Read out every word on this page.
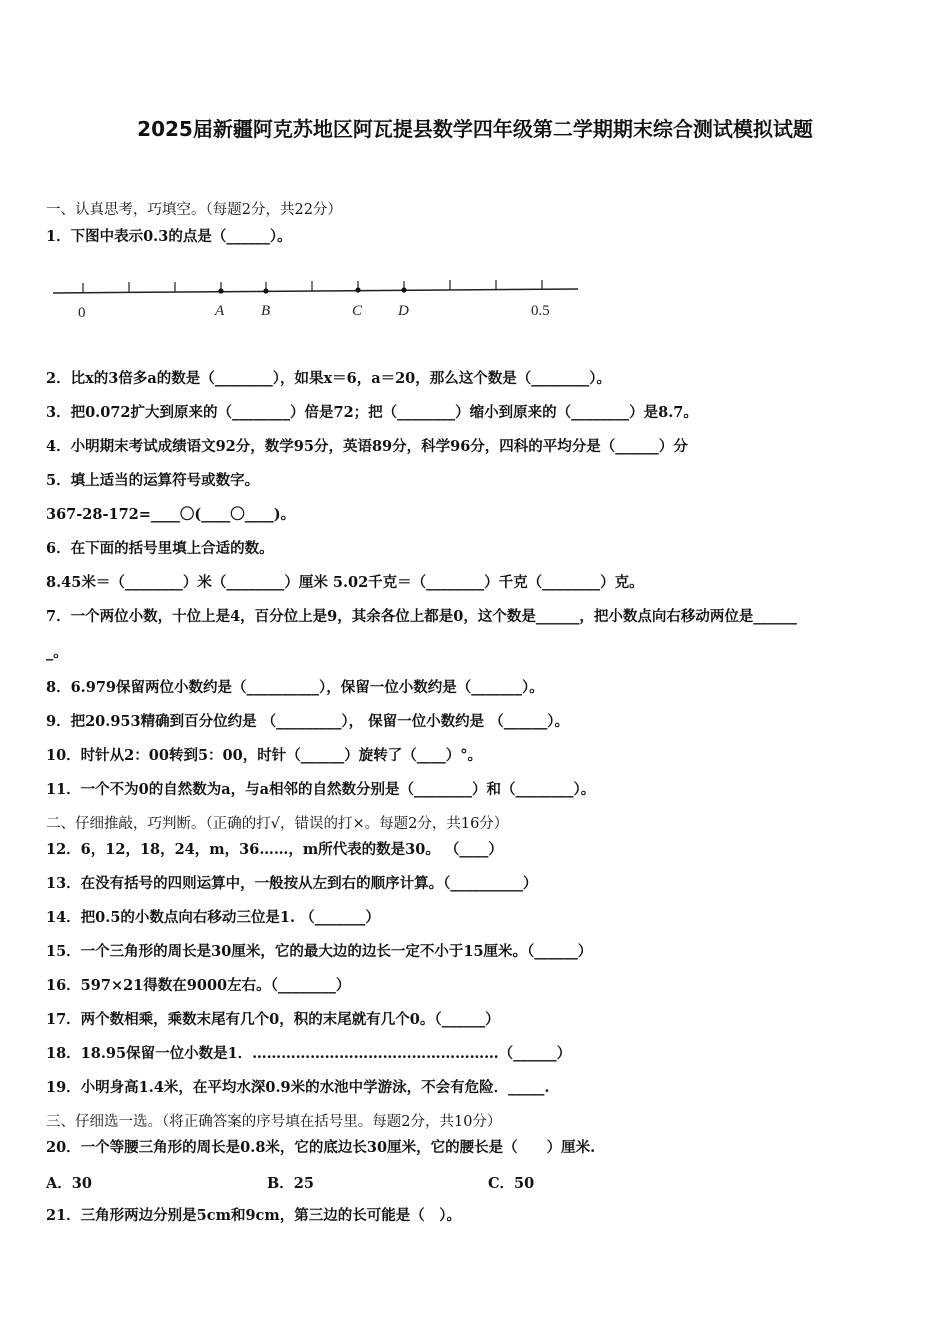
2025届新疆阿克苏地区阿瓦提县数学四年级第二学期期末综合测试模拟试题
一、认真思考，巧填空。（每题2分，共22分）
1．下图中表示0.3的点是（______）。
0	A B	C D	0.5
2．比x的3倍多a的数是（________），如果x＝6，a＝20，那么这个数是（________）。
3．把0.072扩大到原来的（________）倍是72；把（________）缩小到原来的（________）是8.7。
4．小明期末考试成绩语文92分，数学95分，英语89分，科学96分，四科的平均分是（______）分
5．填上适当的运算符号或数字。
367-28-172=____〇(____〇____)。
6．在下面的括号里填上合适的数。
8.45米＝（________）米（________）厘米 5.02千克＝（________）千克（________）克。
7．一个两位小数，十位上是4，百分位上是9，其余各位上都是0，这个数是______，把小数点向右移动两位是______
_。
8．6.979保留两位小数约是（__________），保留一位小数约是（_______）。
9．把20.953精确到百分位约是 （_________）， 保留一位小数约是 （______）。
10．时针从2：00转到5：00，时针（______）旋转了（____）°。
11．一个不为0的自然数为a，与a相邻的自然数分别是（________）和（________）。
二、仔细推敲，巧判断。（正确的打√，错误的打×。每题2分，共16分）
12．6，12，18，24，m，36……，m所代表的数是30。 （____）
13．在没有括号的四则运算中，一般按从左到右的顺序计算。（__________）
14．把0.5的小数点向右移动三位是1. （_______）
15．一个三角形的周长是30厘米，它的最大边的边长一定不小于15厘米。（______）
16．597×21得数在9000左右。（________）
17．两个数相乘，乘数末尾有几个0，积的末尾就有几个0。（______）
18．18.95保留一位小数是1．……………………………………………（______）
19．小明身高1.4米，在平均水深0.9米的水池中学游泳，不会有危险．_____.
三、仔细选一选。（将正确答案的序号填在括号里。每题2分，共10分）
20．一个等腰三角形的周长是0.8米，它的底边长30厘米，它的腰长是（　　）厘米.
A．30	B．25	C．50
21．三角形两边分别是5cm和9cm，第三边的长可能是（　）。
